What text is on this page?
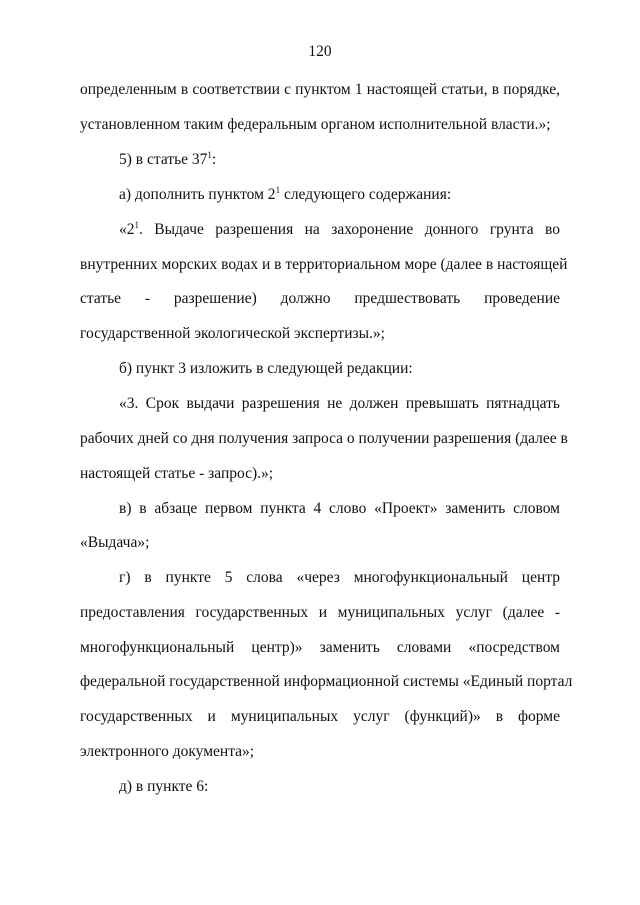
120
определенным в соответствии с пунктом 1 настоящей статьи, в порядке,
установленном таким федеральным органом исполнительной власти.»;
5) в статье $37^1$:
а) дополнить пунктом $2^1$ следующего содержания:
«$2^1$. Выдаче разрешения на захоронение донного грунта во
внутренних морских водах и в территориальном море (далее в настоящей
статье - разрешение) должно предшествовать проведение
государственной экологической экспертизы.»;
б) пункт 3 изложить в следующей редакции:
«3. Срок выдачи разрешения не должен превышать пятнадцать
рабочих дней со дня получения запроса о получении разрешения (далее в
настоящей статье - запрос).»;
в) в абзаце первом пункта 4 слово «Проект» заменить словом
«Выдача»;
г) в пункте 5 слова «через многофункциональный центр
предоставления государственных и муниципальных услуг (далее -
многофункциональный центр)» заменить словами «посредством
федеральной государственной информационной системы «Единый портал
государственных и муниципальных услуг (функций)» в форме
электронного документа»;
д) в пункте 6:
